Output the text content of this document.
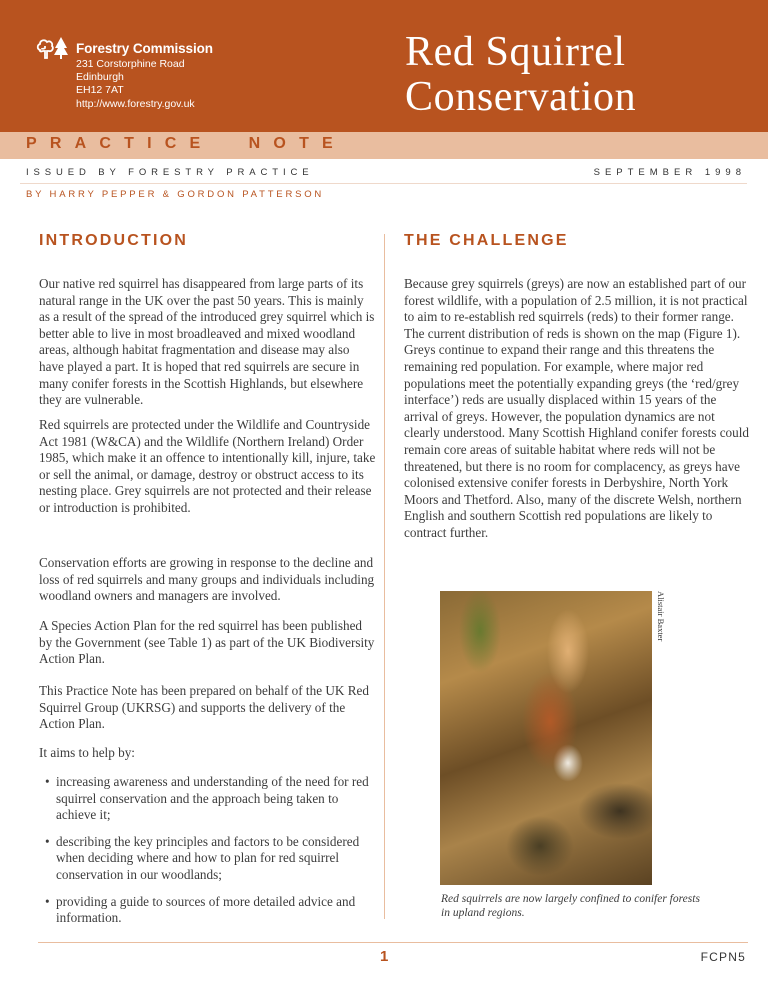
Forestry Commission
231 Corstorphine Road
Edinburgh
EH12 7AT
http://www.forestry.gov.uk
Red Squirrel
Conservation
PRACTICE  NOTE
ISSUED BY FORESTRY PRACTICE	SEPTEMBER 1998
BY HARRY PEPPER & GORDON PATTERSON
INTRODUCTION

Our native red squirrel has disappeared from large parts of its natural range in the UK over the past 50 years. This is mainly as a result of the spread of the introduced grey squirrel which is better able to live in most broadleaved and mixed woodland areas, although habitat fragmentation and disease may also have played a part. It is hoped that red squirrels are secure in many conifer forests in the Scottish Highlands, but elsewhere they are vulnerable.

Red squirrels are protected under the Wildlife and Countryside Act 1981 (W&CA) and the Wildlife (Northern Ireland) Order 1985, which make it an offence to intentionally kill, injure, take or sell the animal, or damage, destroy or obstruct access to its nesting place. Grey squirrels are not protected and their release or introduction is prohibited.

Conservation efforts are growing in response to the decline and loss of red squirrels and many groups and individuals including woodland owners and managers are involved.

A Species Action Plan for the red squirrel has been published by the Government (see Table 1) as part of the UK Biodiversity Action Plan.

This Practice Note has been prepared on behalf of the UK Red Squirrel Group (UKRSG) and supports the delivery of the Action Plan.

It aims to help by:

• increasing awareness and understanding of the need for red squirrel conservation and the approach being taken to achieve it;
• describing the key principles and factors to be considered when deciding where and how to plan for red squirrel conservation in our woodlands;
• providing a guide to sources of more detailed advice and information.
THE CHALLENGE

Because grey squirrels (greys) are now an established part of our forest wildlife, with a population of 2.5 million, it is not practical to aim to re-establish red squirrels (reds) to their former range. The current distribution of reds is shown on the map (Figure 1). Greys continue to expand their range and this threatens the remaining red population. For example, where major red populations meet the potentially expanding greys (the ‘red/grey interface’) reds are usually displaced within 15 years of the arrival of greys. However, the population dynamics are not clearly understood. Many Scottish Highland conifer forests could remain core areas of suitable habitat where reds will not be threatened, but there is no room for complacency, as greys have colonised extensive conifer forests in Derbyshire, North York Moors and Thetford. Also, many of the discrete Welsh, northern English and southern Scottish red populations are likely to contract further.

Alistair Baxter
Red squirrels are now largely confined to conifer forests in upland regions.
1	FCPN5
